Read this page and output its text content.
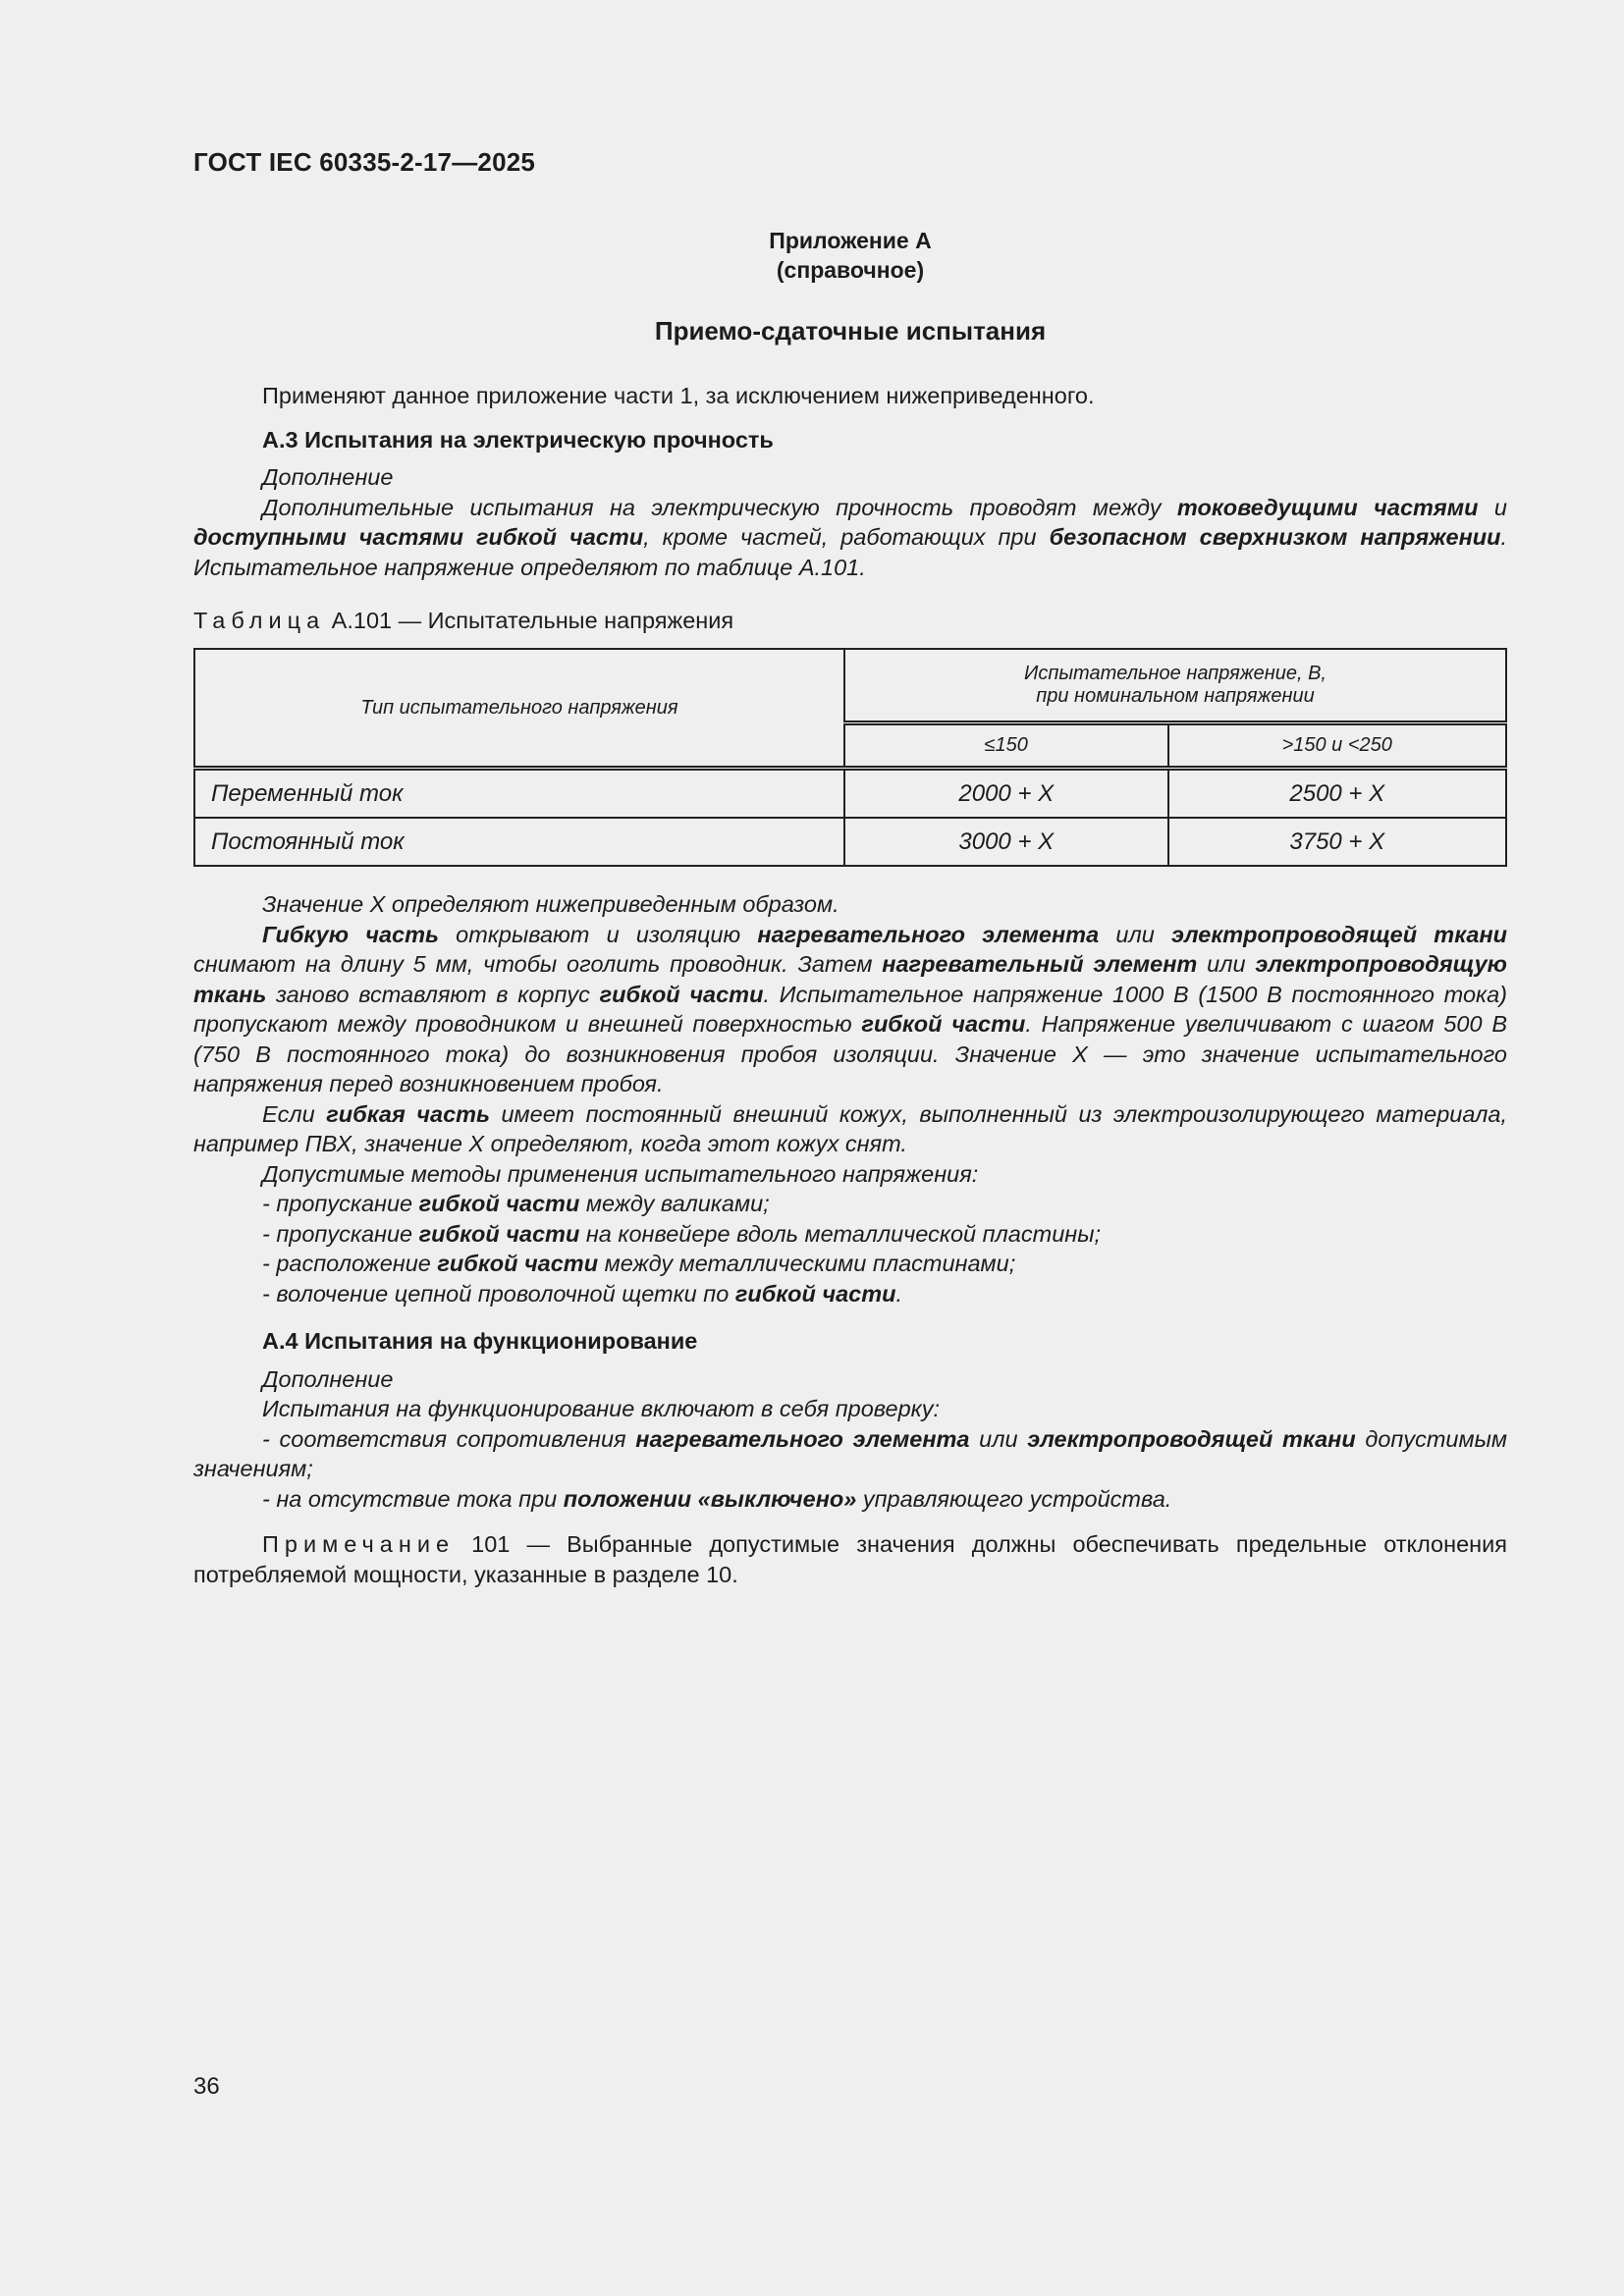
ГОСТ IEC 60335-2-17—2025
Приложение А
(справочное)
Приемо-сдаточные испытания

Применяют данное приложение части 1, за исключением нижеприведенного.

А.3 Испытания на электрическую прочность

Дополнение

Дополнительные испытания на электрическую прочность проводят между токоведущими частями и доступными частями гибкой части, кроме частей, работающих при безопасном сверхнизком напряжении. Испытательное напряжение определяют по таблице А.101.

Таблица А.101 — Испытательные напряжения
Тип испытательного напряжения	Испытательное напряжение, В,
при номинальном напряжении	

	≤150	>150 и <250
Переменный ток	2000 + X	2500 + X
Постоянный ток	3000 + X	3750 + X

Значение X определяют нижеприведенным образом.

Гибкую часть открывают и изоляцию нагревательного элемента или электропроводящей ткани снимают на длину 5 мм, чтобы оголить проводник. Затем нагревательный элемент или электропроводящую ткань заново вставляют в корпус гибкой части. Испытательное напряжение 1000 В (1500 В постоянного тока) пропускают между проводником и внешней поверхностью гибкой части. Напряжение увеличивают с шагом 500 В (750 В постоянного тока) до возникновения пробоя изоляции. Значение X — это значение испытательного напряжения перед возникновением пробоя.

Если гибкая часть имеет постоянный внешний кожух, выполненный из электроизолирующего материала, например ПВХ, значение X определяют, когда этот кожух снят.

Допустимые методы применения испытательного напряжения:

- пропускание гибкой части между валиками;

- пропускание гибкой части на конвейере вдоль металлической пластины;

- расположение гибкой части между металлическими пластинами;

- волочение цепной проволочной щетки по гибкой части.

А.4 Испытания на функционирование

Дополнение

Испытания на функционирование включают в себя проверку:

- соответствия сопротивления нагревательного элемента или электропроводящей ткани допустимым значениям;

- на отсутствие тока при положении «выключено» управляющего устройства.

Примечание 101 — Выбранные допустимые значения должны обеспечивать предельные отклонения потребляемой мощности, указанные в разделе 10.

36
